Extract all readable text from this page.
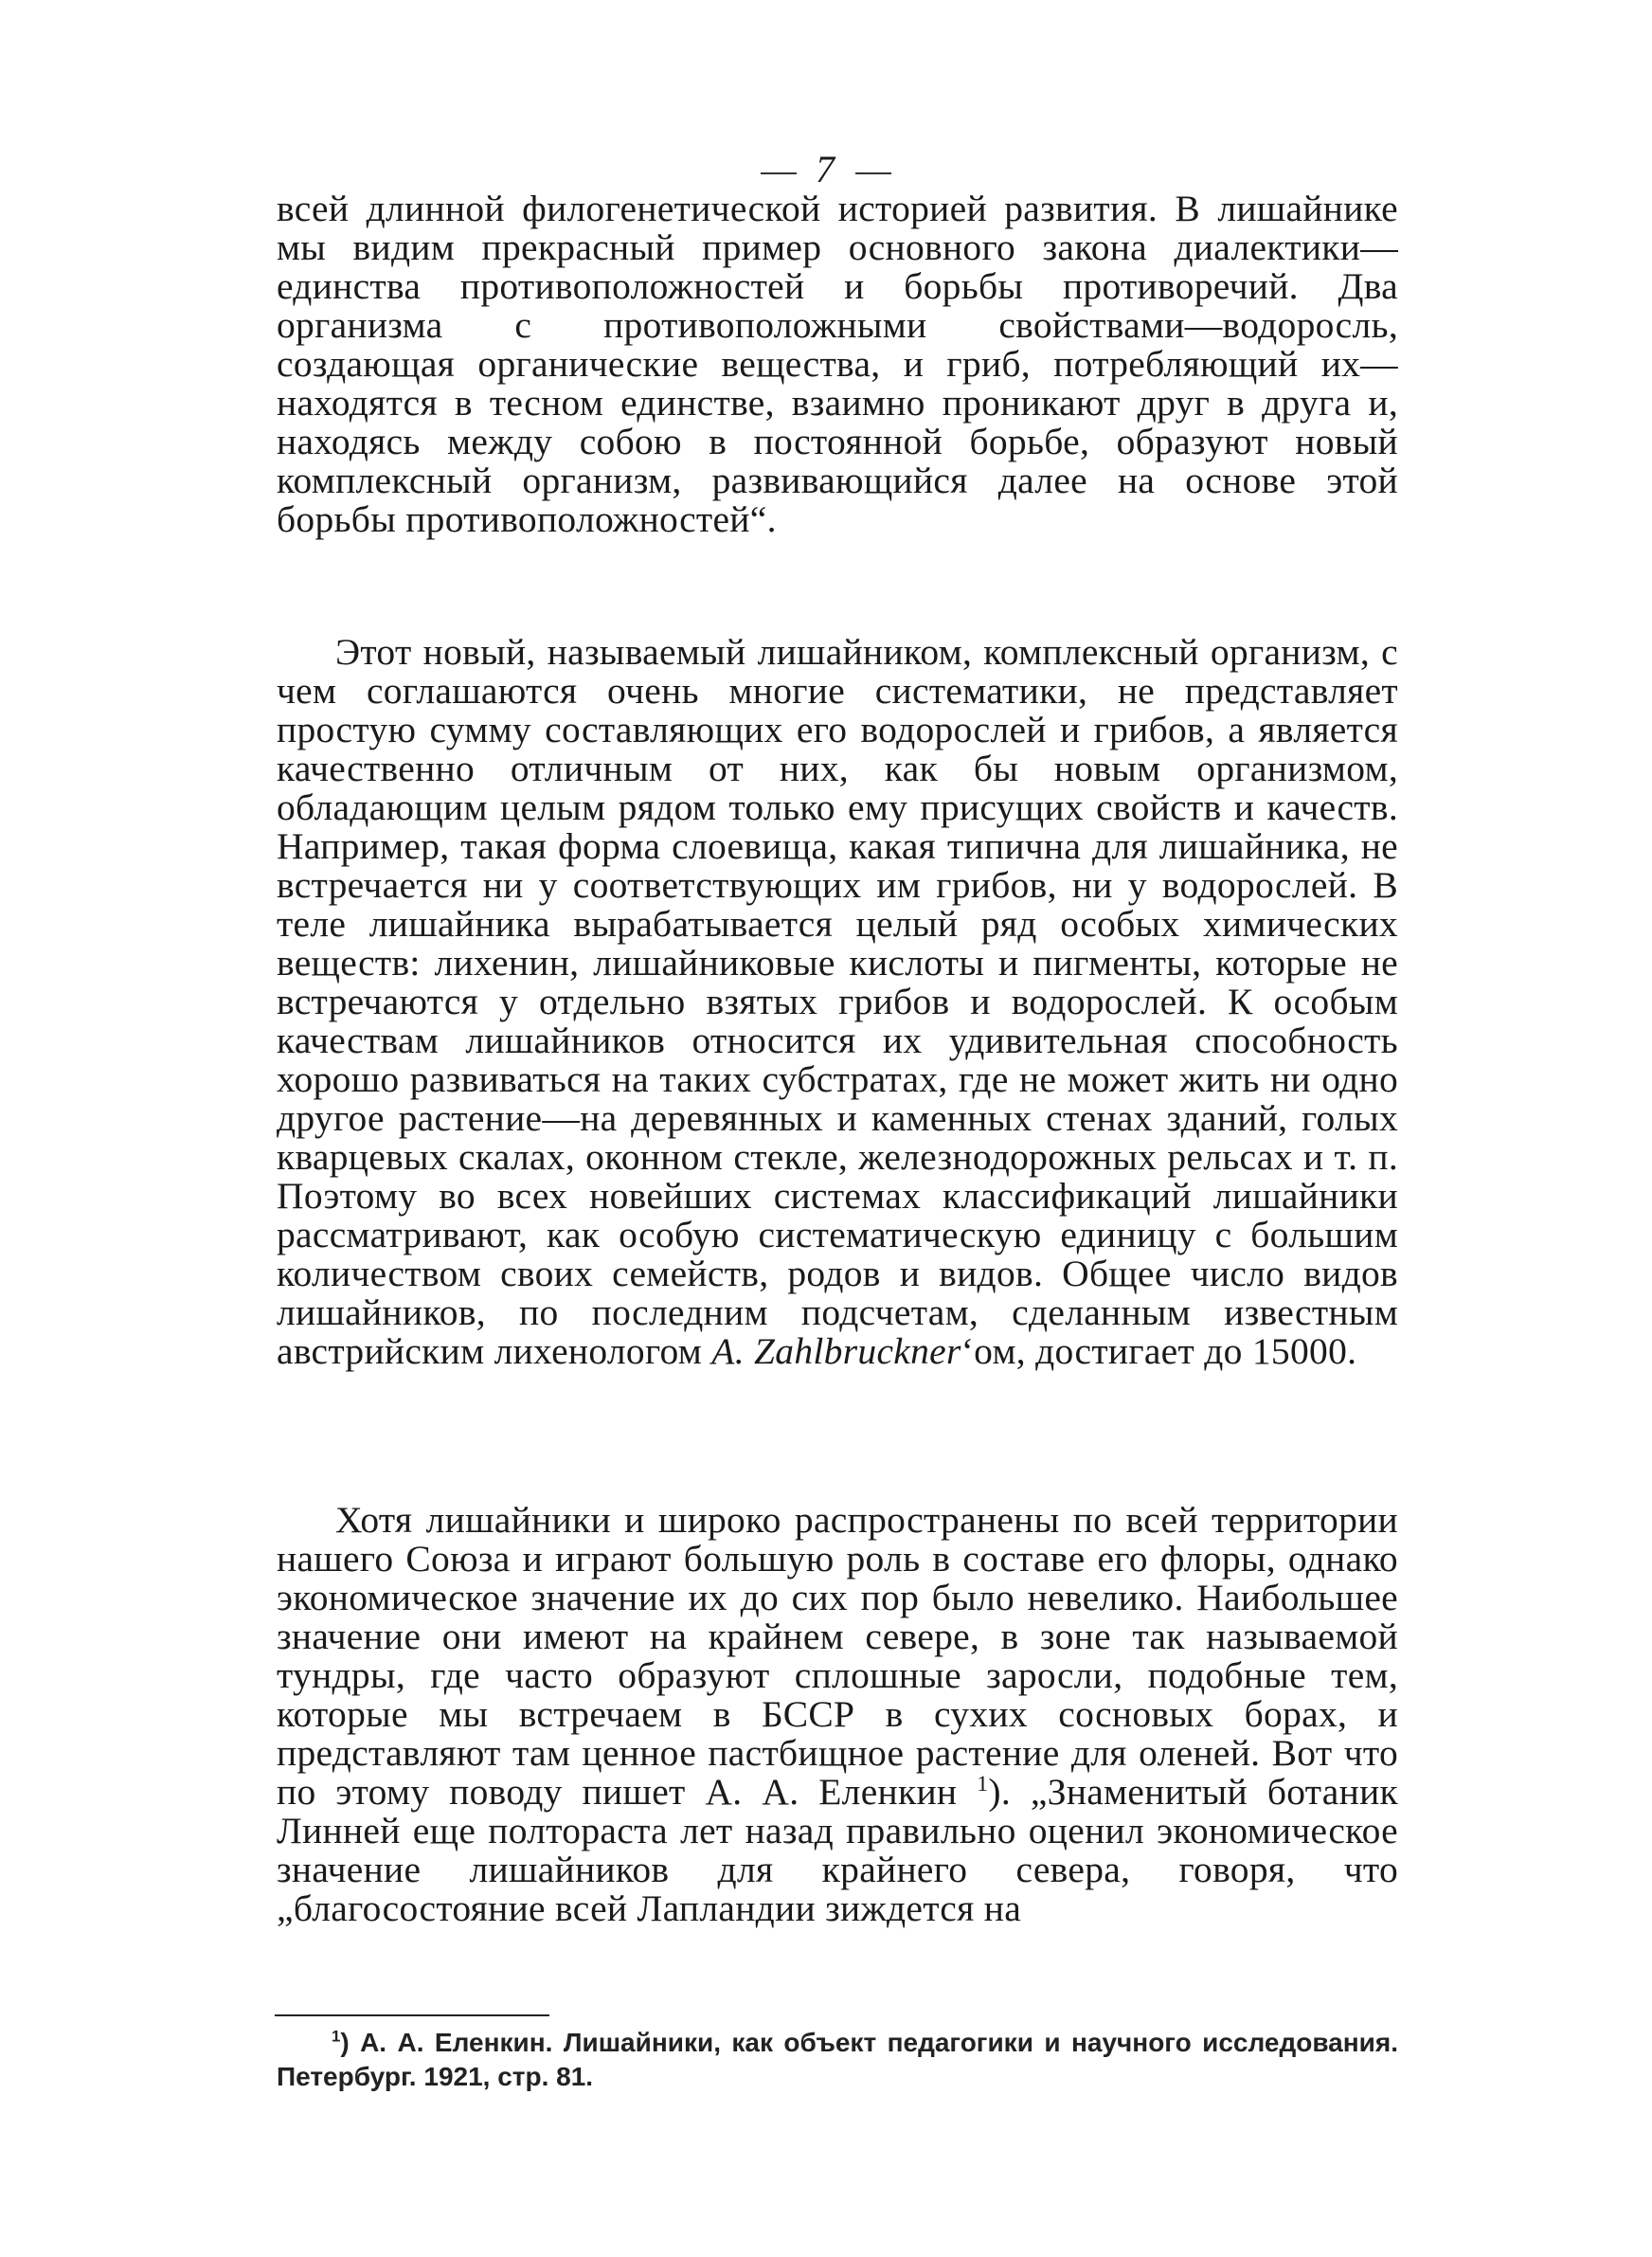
7

всей длинной филогенетической историей развития. В лишайнике мы видим прекрасный пример основного закона диалектики—единства противоположностей и борьбы противоречий. Два организма с противоположными свойствами—водоросль, создающая органические вещества, и гриб, потребляющий их—находятся в тесном единстве, взаимно проникают друг в друга и, находясь между собою в постоянной борьбе, образуют новый комплексный организм, развивающийся далее на основе этой борьбы противоположностей“.

Этот новый, называемый лишайником, комплексный организм, с чем соглашаются очень многие систематики, не представляет простую сумму составляющих его водорослей и грибов, а является качественно отличным от них, как бы новым организмом, обладающим целым рядом только ему присущих свойств и качеств. Например, такая форма слоевища, какая типична для лишайника, не встречается ни у соответствующих им грибов, ни у водорослей. В теле лишайника вырабатывается целый ряд особых химических веществ: лихенин, лишайниковые кислоты и пигменты, которые не встречаются у отдельно взятых грибов и водорослей. К особым качествам лишайников относится их удивительная способность хорошо развиваться на таких субстратах, где не может жить ни одно другое растение—на деревянных и каменных стенах зданий, голых кварцевых скалах, оконном стекле, железнодорожных рельсах и т. п. Поэтому во всех новейших системах классификаций лишайники рассматривают, как особую систематическую единицу с большим количеством своих семейств, родов и видов. Общее число видов лишайников, по последним подсчетам, сделанным известным австрийским лихенологом A. Zahlbruckner‘ом, достигает до 15000.

Хотя лишайники и широко распространены по всей территории нашего Союза и играют большую роль в составе его флоры, однако экономическое значение их до сих пор было невелико. Наибольшее значение они имеют на крайнем севере, в зоне так называемой тундры, где часто образуют сплошные заросли, подобные тем, которые мы встречаем в БССР в сухих сосновых борах, и представляют там ценное пастбищное растение для оленей. Вот что по этому поводу пишет А. А. Еленкин $^1$). „Знаменитый ботаник Линней еще полтораста лет назад правильно оценил экономическое значение лишайников для крайнего севера, говоря, что „благосостояние всей Лапландии зиждется на

$^1$) А. А. Еленкин. Лишайники, как объект педагогики и научного исследования. Петербург. 1921, стр. 81.
